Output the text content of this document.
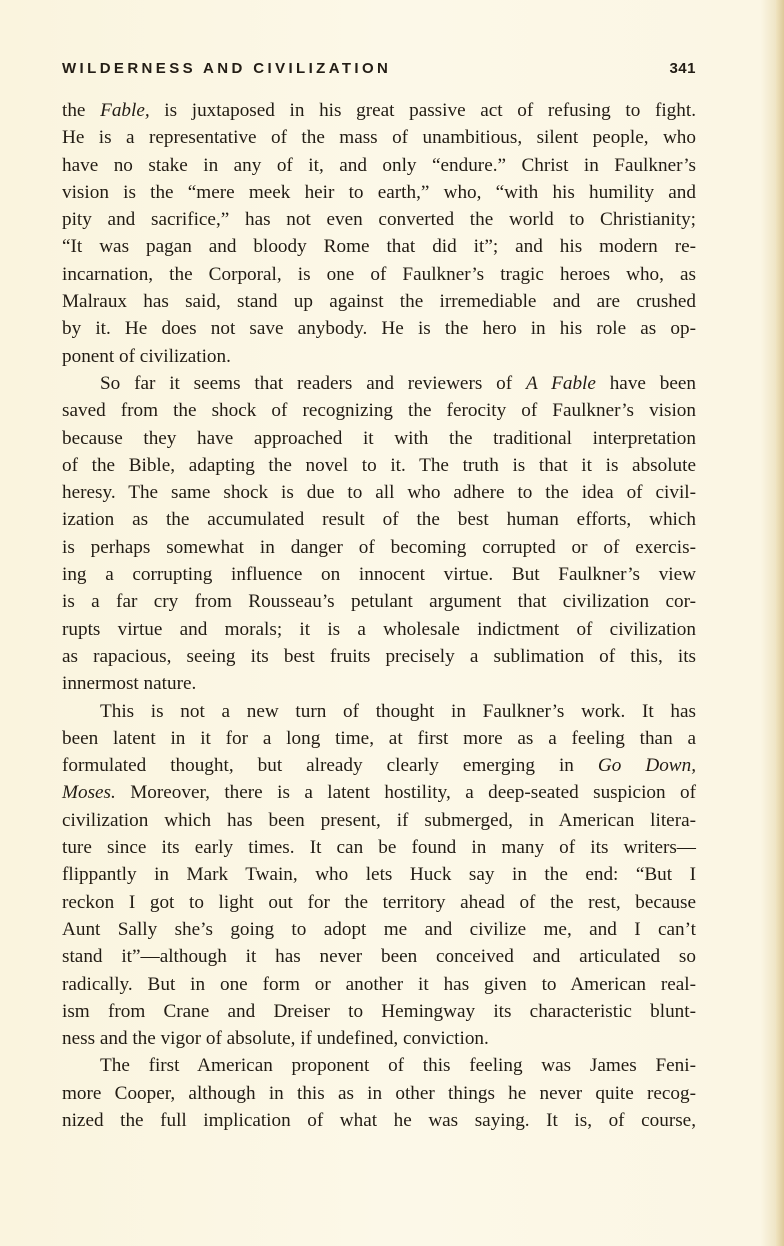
WILDERNESS AND CIVILIZATION	341
the Fable, is juxtaposed in his great passive act of refusing to fight.
He is a representative of the mass of unambitious, silent people, who
have no stake in any of it, and only “endure.” Christ in Faulkner’s
vision is the “mere meek heir to earth,” who, “with his humility and
pity and sacrifice,” has not even converted the world to Christianity;
“It was pagan and bloody Rome that did it”; and his modern re-
incarnation, the Corporal, is one of Faulkner’s tragic heroes who, as
Malraux has said, stand up against the irremediable and are crushed
by it. He does not save anybody. He is the hero in his role as op-
ponent of civilization.
So far it seems that readers and reviewers of A Fable have been
saved from the shock of recognizing the ferocity of Faulkner’s vision
because they have approached it with the traditional interpretation
of the Bible, adapting the novel to it. The truth is that it is absolute
heresy. The same shock is due to all who adhere to the idea of civil-
ization as the accumulated result of the best human efforts, which
is perhaps somewhat in danger of becoming corrupted or of exercis-
ing a corrupting influence on innocent virtue. But Faulkner’s view
is a far cry from Rousseau’s petulant argument that civilization cor-
rupts virtue and morals; it is a wholesale indictment of civilization
as rapacious, seeing its best fruits precisely a sublimation of this, its
innermost nature.
This is not a new turn of thought in Faulkner’s work. It has
been latent in it for a long time, at first more as a feeling than a
formulated thought, but already clearly emerging in Go Down,
Moses. Moreover, there is a latent hostility, a deep-seated suspicion of
civilization which has been present, if submerged, in American litera-
ture since its early times. It can be found in many of its writers—
flippantly in Mark Twain, who lets Huck say in the end: “But I
reckon I got to light out for the territory ahead of the rest, because
Aunt Sally she’s going to adopt me and civilize me, and I can’t
stand it”—although it has never been conceived and articulated so
radically. But in one form or another it has given to American real-
ism from Crane and Dreiser to Hemingway its characteristic blunt-
ness and the vigor of absolute, if undefined, conviction.
The first American proponent of this feeling was James Feni-
more Cooper, although in this as in other things he never quite recog-
nized the full implication of what he was saying. It is, of course,
